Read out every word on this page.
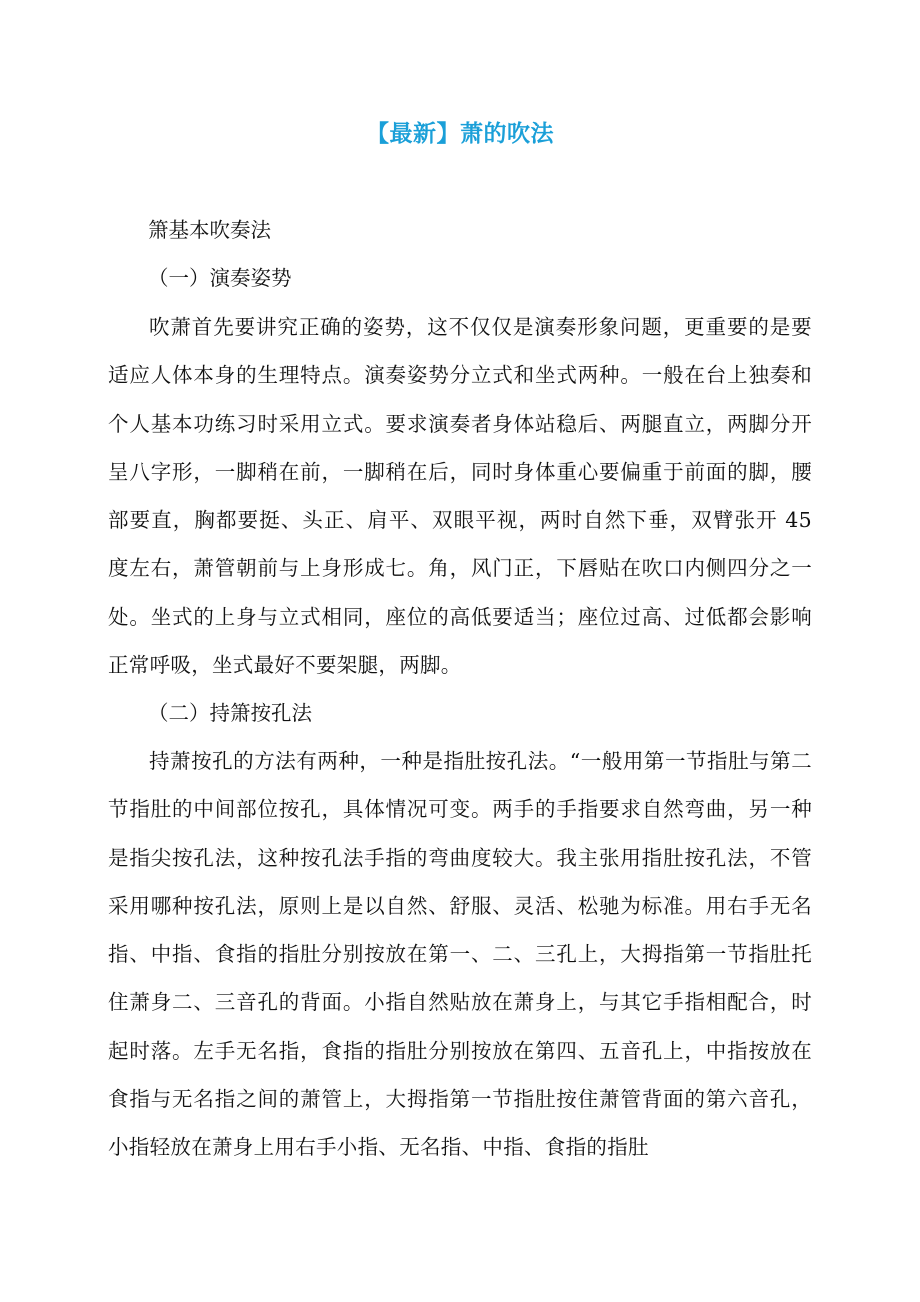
【最新】萧的吹法
箫基本吹奏法
（一）演奏姿势
吹萧首先要讲究正确的姿势，这不仅仅是演奏形象问题，更重要的是要适应人体本身的生理特点。演奏姿势分立式和坐式两种。一般在台上独奏和个人基本功练习时采用立式。要求演奏者身体站稳后、两腿直立，两脚分开呈八字形，一脚稍在前，一脚稍在后，同时身体重心要偏重于前面的脚，腰部要直，胸都要挺、头正、肩平、双眼平视，两时自然下垂，双臂张开 45 度左右，萧管朝前与上身形成七。角，风门正，下唇贴在吹口内侧四分之一处。坐式的上身与立式相同，座位的高低要适当；座位过高、过低都会影响正常呼吸，坐式最好不要架腿，两脚。
（二）持箫按孔法
持萧按孔的方法有两种，一种是指肚按孔法。“一般用第一节指肚与第二节指肚的中间部位按孔，具体情况可变。两手的手指要求自然弯曲，另一种是指尖按孔法，这种按孔法手指的弯曲度较大。我主张用指肚按孔法，不管采用哪种按孔法，原则上是以自然、舒服、灵活、松驰为标准。用右手无名指、中指、食指的指肚分别按放在第一、二、三孔上，大拇指第一节指肚托住萧身二、三音孔的背面。小指自然贴放在萧身上，与其它手指相配合，时起时落。左手无名指，食指的指肚分别按放在第四、五音孔上，中指按放在食指与无名指之间的萧管上，大拇指第一节指肚按住萧管背面的第六音孔，小指轻放在萧身上用右手小指、无名指、中指、食指的指肚
